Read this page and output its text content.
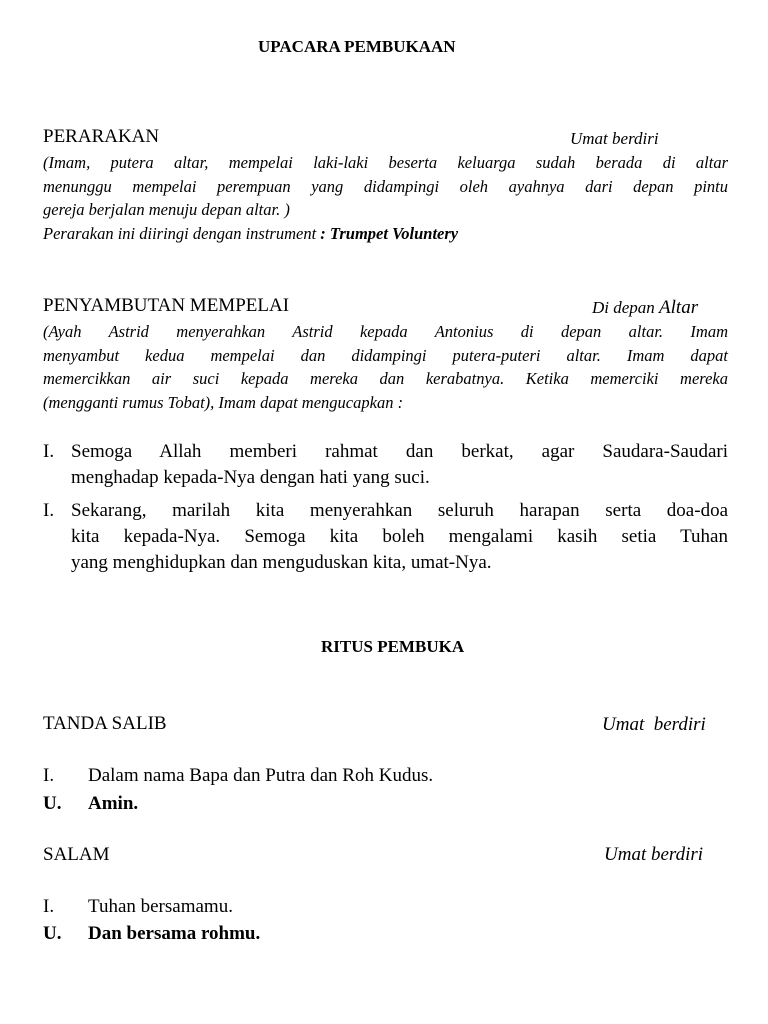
UPACARA PEMBUKAAN
PERARAKAN	Umat berdiri
(Imam, putera altar, mempelai laki-laki beserta keluarga sudah berada di altar
menunggu mempelai perempuan yang didampingi oleh ayahnya dari depan pintu
gereja berjalan menuju depan altar. )
Perarakan ini diiringi dengan instrument : Trumpet Voluntery
PENYAMBUTAN MEMPELAI	Di depan Altar
(Ayah Astrid menyerahkan Astrid kepada Antonius di depan altar. Imam
menyambut kedua mempelai dan didampingi putera-puteri altar. Imam dapat
memercikkan air suci kepada mereka dan kerabatnya. Ketika memerciki mereka
(mengganti rumus Tobat), Imam dapat mengucapkan :
I. Semoga Allah memberi rahmat dan berkat, agar Saudara-Saudari
menghadap kepada-Nya dengan hati yang suci.
I. Sekarang, marilah kita menyerahkan seluruh harapan serta doa-doa
kita kepada-Nya. Semoga kita boleh mengalami kasih setia Tuhan
yang menghidupkan dan menguduskan kita, umat-Nya.
RITUS PEMBUKA
TANDA SALIB	Umat  berdiri
I. Dalam nama Bapa dan Putra dan Roh Kudus.
U. Amin.
SALAM	Umat berdiri
I. Tuhan bersamamu.
U. Dan bersama rohmu.
